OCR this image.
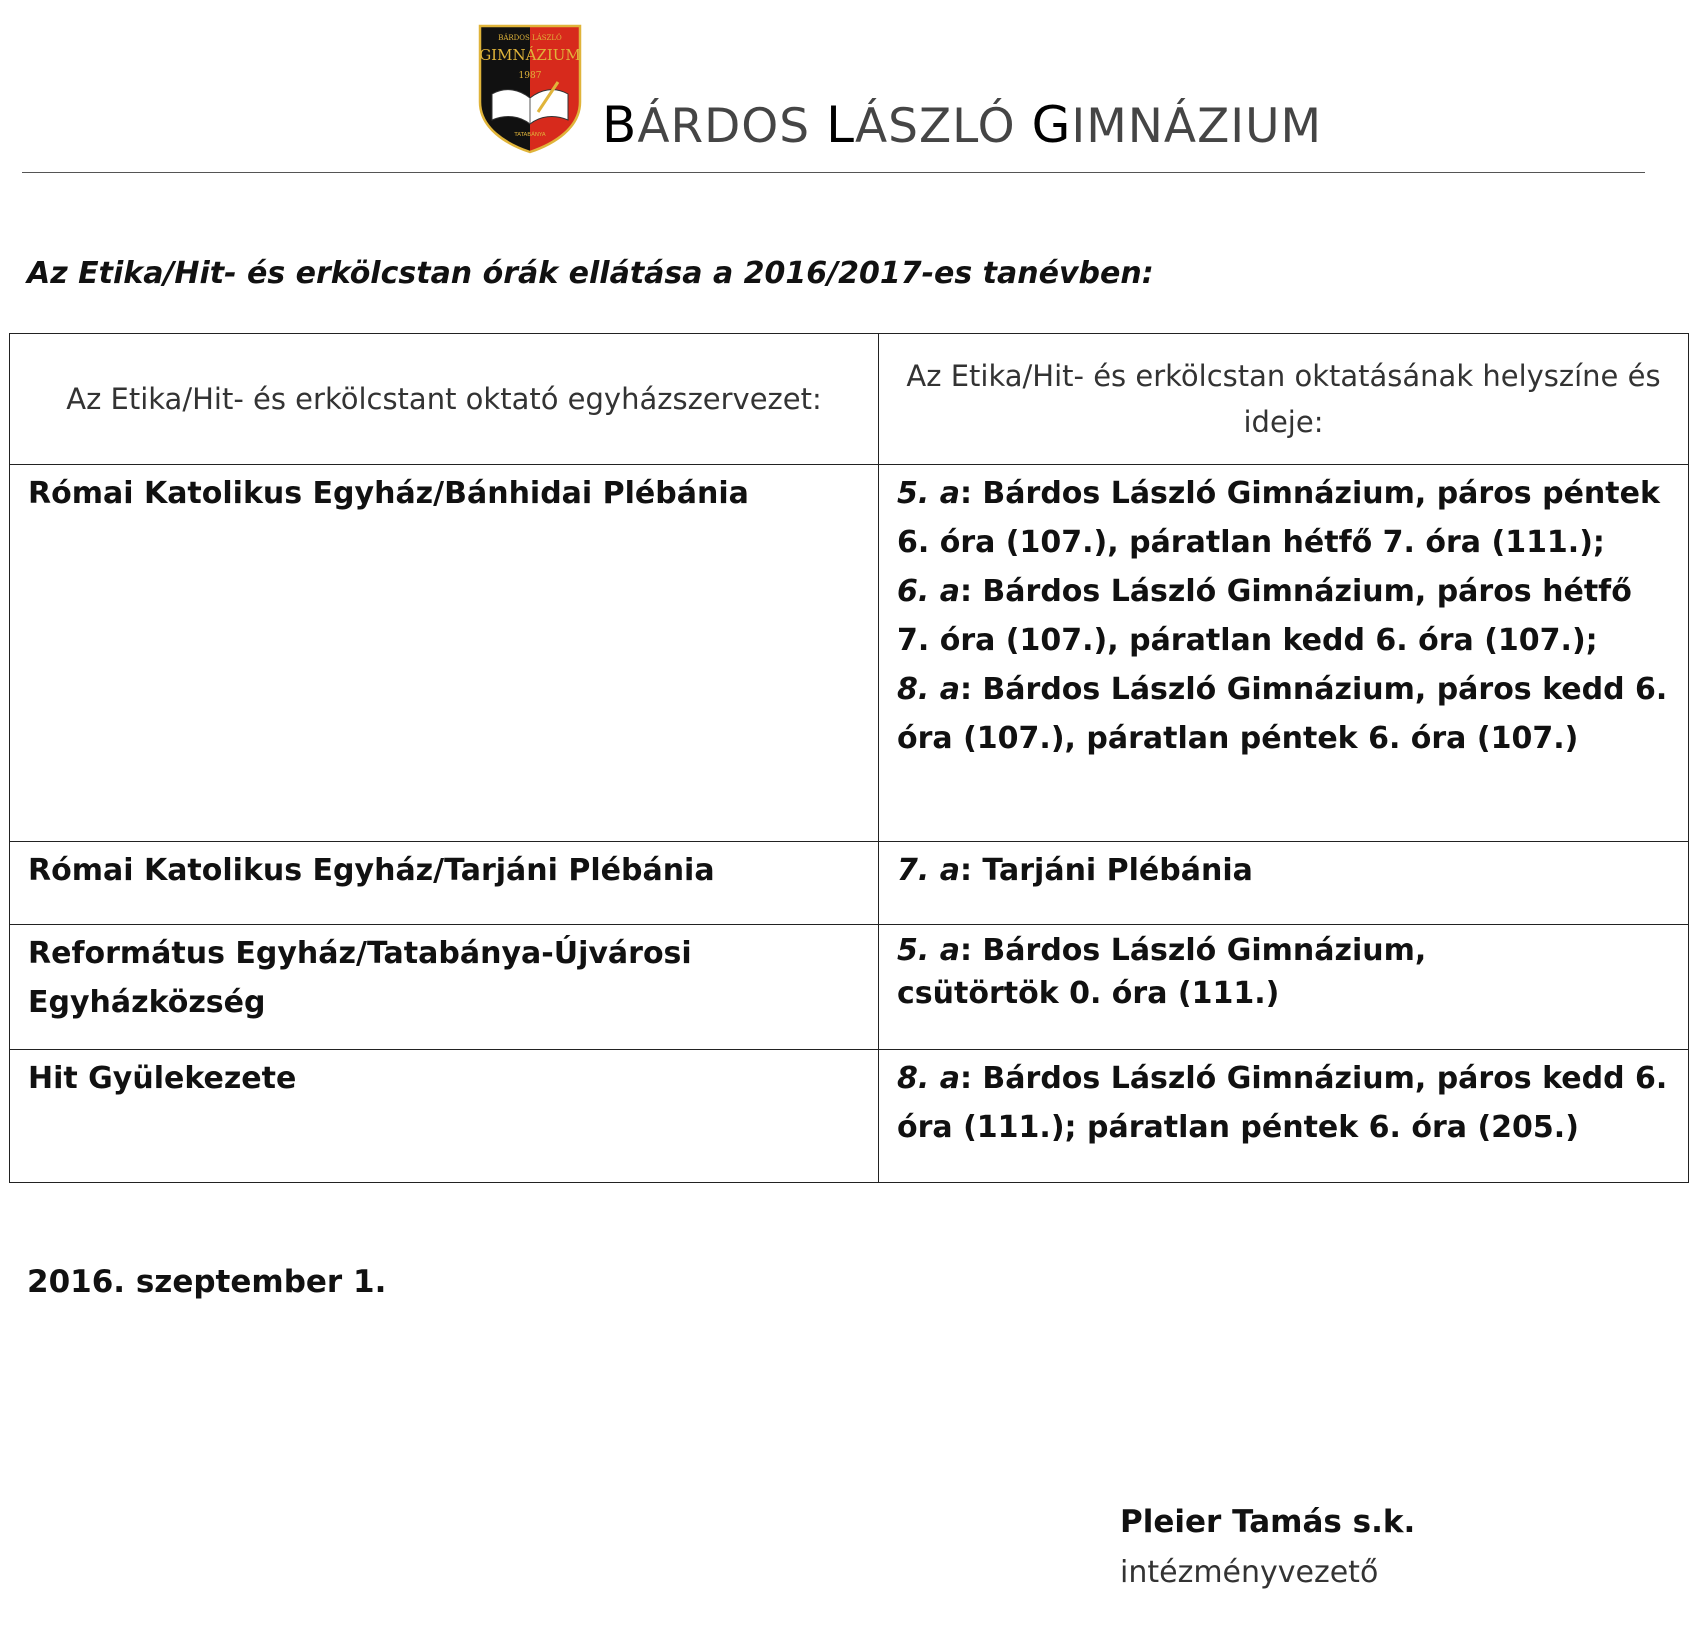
BÁRDOS LÁSZLÓ
GIMNÁZIUM
1987
TATABÁNYA BÁRDOS LÁSZLÓ GIMNÁZIUM
Az Etika/Hit- és erkölcstan órák ellátása a 2016/2017-es tanévben:
Az Etika/Hit- és erkölcstant oktató egyházszervezet:	Az Etika/Hit- és erkölcstan oktatásának helyszíne és ideje:
Római Katolikus Egyház/Bánhidai Plébánia	5. a: Bárdos László Gimnázium, páros péntek 6. óra (107.), páratlan hétfő 7. óra (111.);
6. a: Bárdos László Gimnázium, páros hétfő 7. óra (107.), páratlan kedd 6. óra (107.);
8. a: Bárdos László Gimnázium, páros kedd 6. óra (107.), páratlan péntek 6. óra (107.)

Római Katolikus Egyház/Tarjáni Plébánia	7. a: Tarjáni Plébánia

Református Egyház/Tatabánya-Újvárosi Egyházközség	5. a: Bárdos László Gimnázium,
csütörtök 0. óra (111.)

Hit Gyülekezete	8. a: Bárdos László Gimnázium, páros kedd 6. óra (111.); páratlan péntek 6. óra (205.)
2016. szeptember 1.
Pleier Tamás s.k.
intézményvezető
